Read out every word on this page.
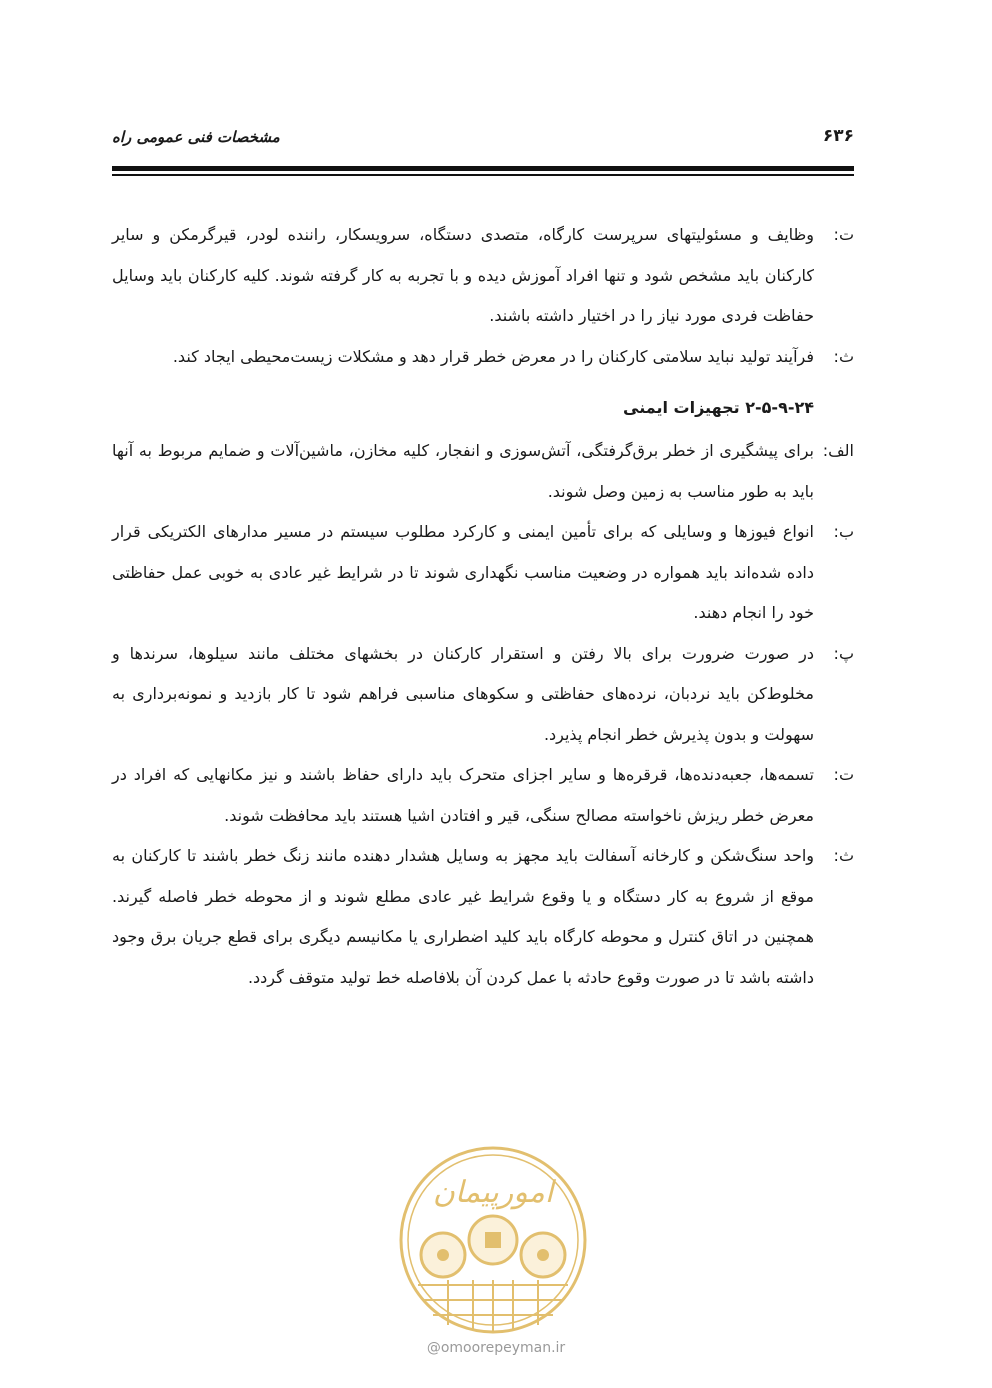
مشخصات فنی عمومی راه	۶۳۶
ت:
وظایف و مسئولیتهای سرپرست کارگاه، متصدی دستگاه، سرویسکار، راننده لودر، قیرگرمکن و سایر کارکنان باید مشخص شود و تنها افراد آموزش دیده و با تجربه به کار گرفته شوند. کلیه کارکنان باید وسایل حفاظت فردی مورد نیاز را در اختیار داشته باشند.
ث:
فرآیند تولید نباید سلامتی کارکنان را در معرض خطر قرار دهد و مشکلات زیست‌محیطی ایجاد کند.
۲-۵-۹-۲۴ تجهیزات ایمنی
الف:
برای پیشگیری از خطر برق‌گرفتگی، آتش‌سوزی و انفجار، کلیه مخازن، ماشین‌آلات و ضمایم مربوط به آنها باید به طور مناسب به زمین وصل شوند.
ب:
انواع فیوزها و وسایلی که برای تأمین ایمنی و کارکرد مطلوب سیستم در مسیر مدارهای الکتریکی قرار داده شده‌اند باید همواره در وضعیت مناسب نگهداری شوند تا در شرایط غیر عادی به خوبی عمل حفاظتی خود را انجام دهند.
پ:
در صورت ضرورت برای بالا رفتن و استقرار کارکنان در بخشهای مختلف مانند سیلوها، سرندها و مخلوط‌کن باید نردبان، نرده‌های حفاظتی و سکوهای مناسبی فراهم شود تا کار بازدید و نمونه‌برداری به سهولت و بدون پذیرش خطر انجام پذیرد.
ت:
تسمه‌ها، جعبه‌دنده‌ها، قرقره‌ها و سایر اجزای متحرک باید دارای حفاظ باشند و نیز مکانهایی که افراد در معرض خطر ریزش ناخواسته مصالح سنگی، قیر و افتادن اشیا هستند باید محافظت شوند.
ث:
واحد سنگ‌شکن و کارخانه آسفالت باید مجهز به وسایل هشدار دهنده مانند زنگ خطر باشند تا کارکنان به موقع از شروع به کار دستگاه و یا وقوع شرایط غیر عادی مطلع شوند و از محوطه خطر فاصله گیرند. همچنین در اتاق کنترل و محوطه کارگاه باید کلید اضطراری یا مکانیسم دیگری برای قطع جریان برق وجود داشته باشد تا در صورت وقوع حادثه با عمل کردن آن بلافاصله خط تولید متوقف گردد.
امورپیمان
@omoorepeyman.ir
